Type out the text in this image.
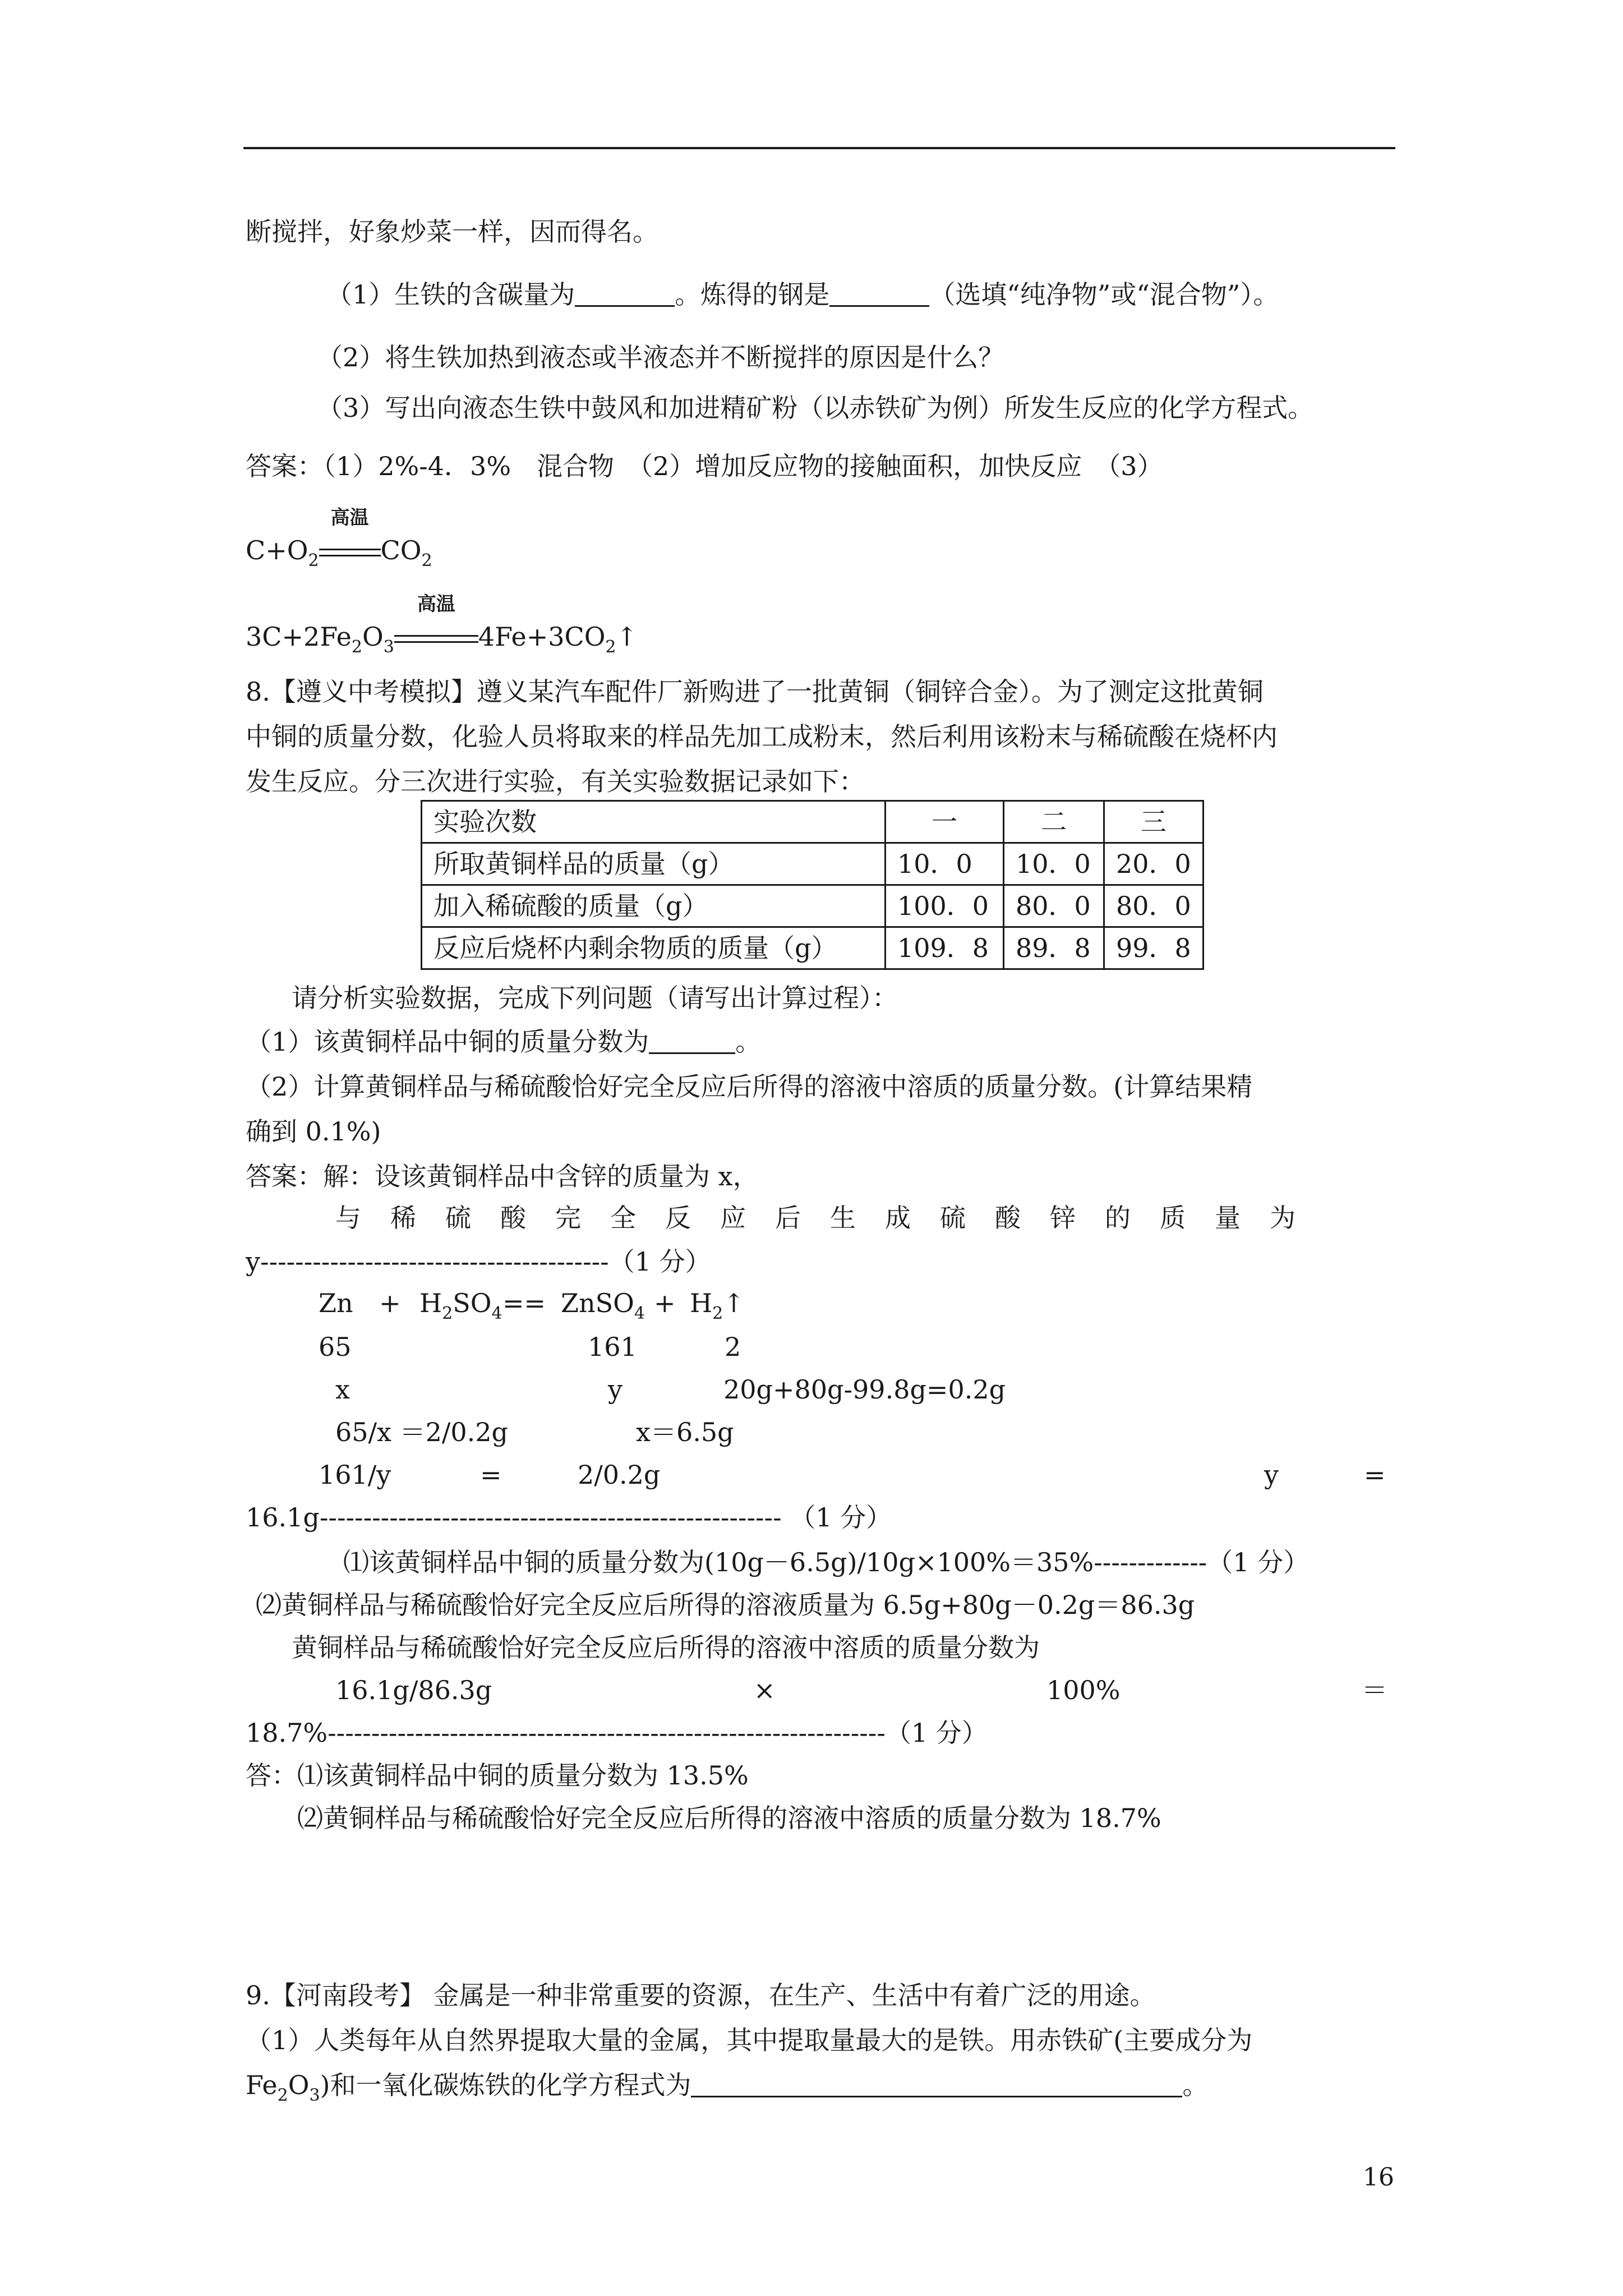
断搅拌，好象炒菜一样，因而得名。
（1）生铁的含碳量为	。炼得的钢是	（选填“纯净物”或“混合物”）。
（2）将生铁加热到液态或半液态并不断搅拌的原因是什么？
（3）写出向液态生铁中鼓风和加进精矿粉（以赤铁矿为例）所发生反应的化学方程式。
答案：（1）2%-4．3%　混合物　（2）增加反应物的接触面积，加快反应　（3）
$C+O_2$
高温
$CO_2$
$3C+2Fe_2O_3$
高温
$4Fe+3CO_2↑$
8.【遵义中考模拟】遵义某汽车配件厂新购进了一批黄铜（铜锌合金）。为了测定这批黄铜
中铜的质量分数，化验人员将取来的样品先加工成粉末，然后利用该粉末与稀硫酸在烧杯内
发生反应。分三次进行实验，有关实验数据记录如下：
实验次数	一	二	三
所取黄铜样品的质量（g）	10．0	10．0	20．0
加入稀硫酸的质量（g）	100．0	80．0	80．0
反应后烧杯内剩余物质的质量（g）	109．8	89．8	99．8
请分析实验数据，完成下列问题（请写出计算过程）：
（1）该黄铜样品中铜的质量分数为	。
（2）计算黄铜样品与稀硫酸恰好完全反应后所得的溶液中溶质的质量分数。(计算结果精
确到 0.1%)
答案：解：设该黄铜样品中含锌的质量为 x，
与稀硫酸完全反应后生成硫酸锌的质量为
y----------------------------------------（1 分）
$Zn + H_2SO_4$ == ZnSO$_4$ + $H_2↑$
65	161	2
x	y	20g+80g-99.8g=0.2g
65/x ＝2/0.2g	x＝6.5g
161/y	=	2/0.2g	y	=
16.1g----------------------------------------------------- （1 分）
⑴该黄铜样品中铜的质量分数为(10g－6.5g)/10g×100%＝35%-------------（1 分）
⑵黄铜样品与稀硫酸恰好完全反应后所得的溶液质量为 6.5g+80g－0.2g＝86.3g
黄铜样品与稀硫酸恰好完全反应后所得的溶液中溶质的质量分数为
16.1g/86.3g	×	100%	＝
18.7%----------------------------------------------------------------（1 分）
答：⑴该黄铜样品中铜的质量分数为 13.5%
⑵黄铜样品与稀硫酸恰好完全反应后所得的溶液中溶质的质量分数为 18.7%
9.【河南段考】 金属是一种非常重要的资源，在生产、生活中有着广泛的用途。
（1）人类每年从自然界提取大量的金属，其中提取量最大的是铁。用赤铁矿(主要成分为
$Fe_2O_3$)和一氧化碳炼铁的化学方程式为	。
16
